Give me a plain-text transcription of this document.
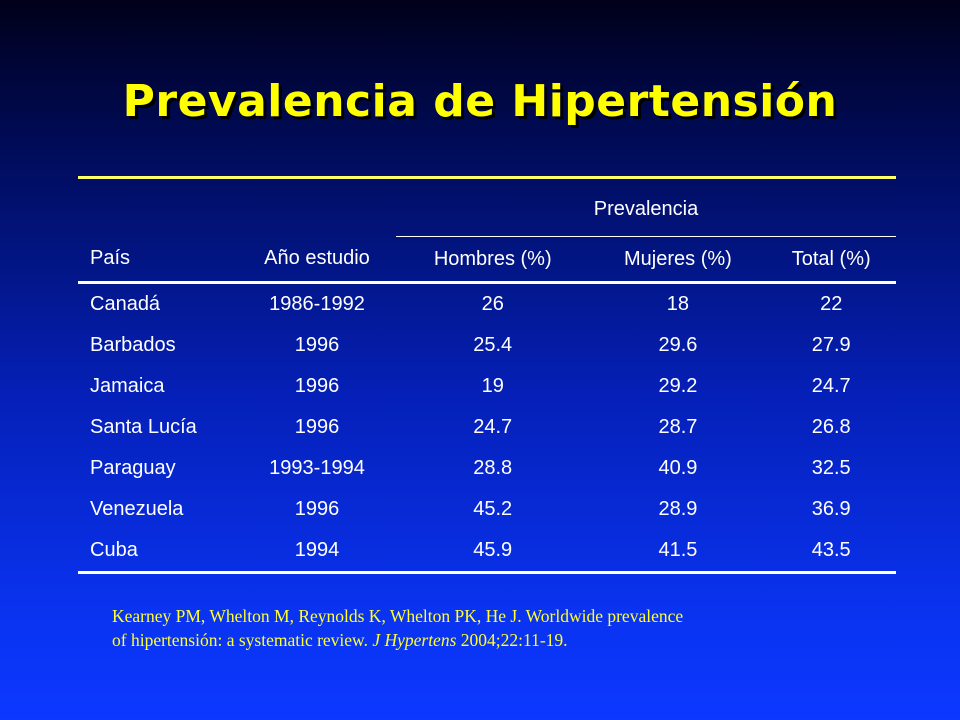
Prevalencia de Hipertensión
		Prevalencia		
País	Año estudio	Hombres (%)	Mujeres (%)	Total (%)
Canadá	1986-1992	26	18	22
Barbados	1996	25.4	29.6	27.9
Jamaica	1996	19	29.2	24.7
Santa Lucía	1996	24.7	28.7	26.8
Paraguay	1993-1994	28.8	40.9	32.5
Venezuela	1996	45.2	28.9	36.9
Cuba	1994	45.9	41.5	43.5
Kearney PM, Whelton M, Reynolds K, Whelton PK, He J. Worldwide prevalence
of hipertensión: a systematic review. J Hypertens 2004;22:11-19.
